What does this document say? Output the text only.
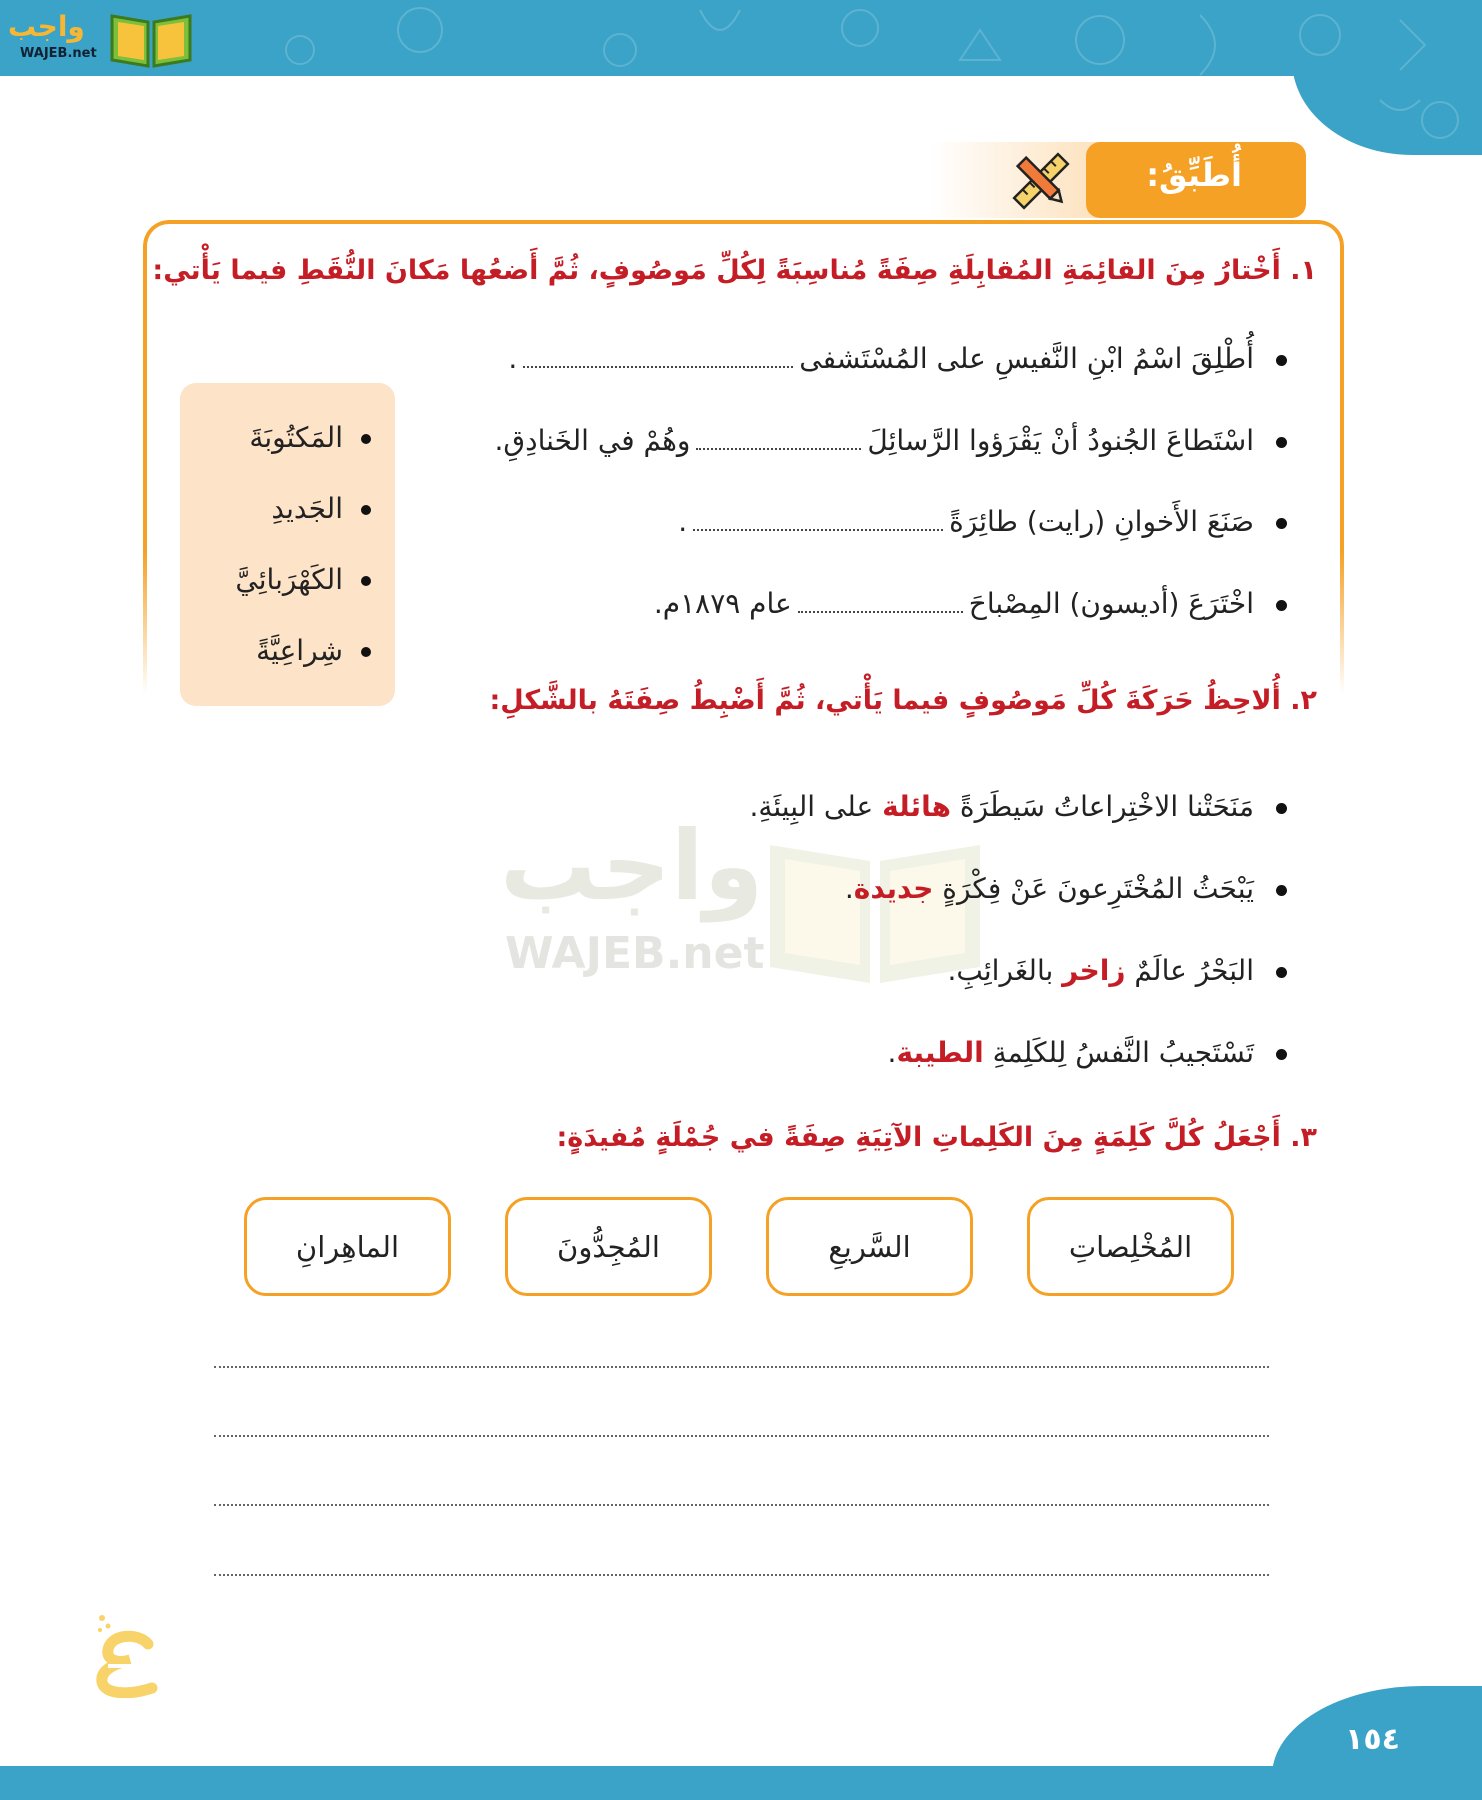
واجب
WAJEB.net
أُطَبِّقُ:
١. أَخْتارُ مِنَ القائِمَةِ المُقابِلَةِ صِفَةً مُناسِبَةً لِكُلِّ مَوصُوفٍ، ثُمَّ أَضعُها مَكانَ النُّقَطِ فيما يَأْتي:
أُطْلِقَ اسْمُ ابْنِ النَّفيسِ على المُسْتَشفى.
اسْتَطاعَ الجُنودُ أنْ يَقْرَؤوا الرَّسائِلَوهُمْ في الخَنادِقِ.
صَنَعَ الأَخوانِ (رايت) طائِرَةً.
اخْتَرَعَ (أديسون) المِصْباحَعام ١٨٧٩م.
المَكتُوبَةَ
الجَديدِ
الكَهْرَبائِيَّ
شِراعِيَّةً
واجب
WAJEB.net
٢. أُلاحِظُ حَرَكَةَ كُلِّ مَوصُوفٍ فيما يَأْتي، ثُمَّ أَضْبِطُ صِفَتَهُ بالشَّكلِ:
مَنَحَتْنا الاخْتِراعاتُ سَيطَرَةً هائلة على البِيئَةِ.
يَبْحَثُ المُخْتَرِعونَ عَنْ فِكْرَةٍ جديدة.
البَحْرُ عالَمٌ زاخر بالغَرائِبِ.
تَسْتَجيبُ النَّفسُ لِلكَلِمةِ الطيبة.
٣. أَجْعَلُ كُلَّ كَلِمَةٍ مِنَ الكَلِماتِ الآتِيَةِ صِفَةً في جُمْلَةٍ مُفيدَةٍ:
المُخْلِصاتِ
السَّريعِ
المُجِدُّونَ
الماهِرانِ
١٥٤
